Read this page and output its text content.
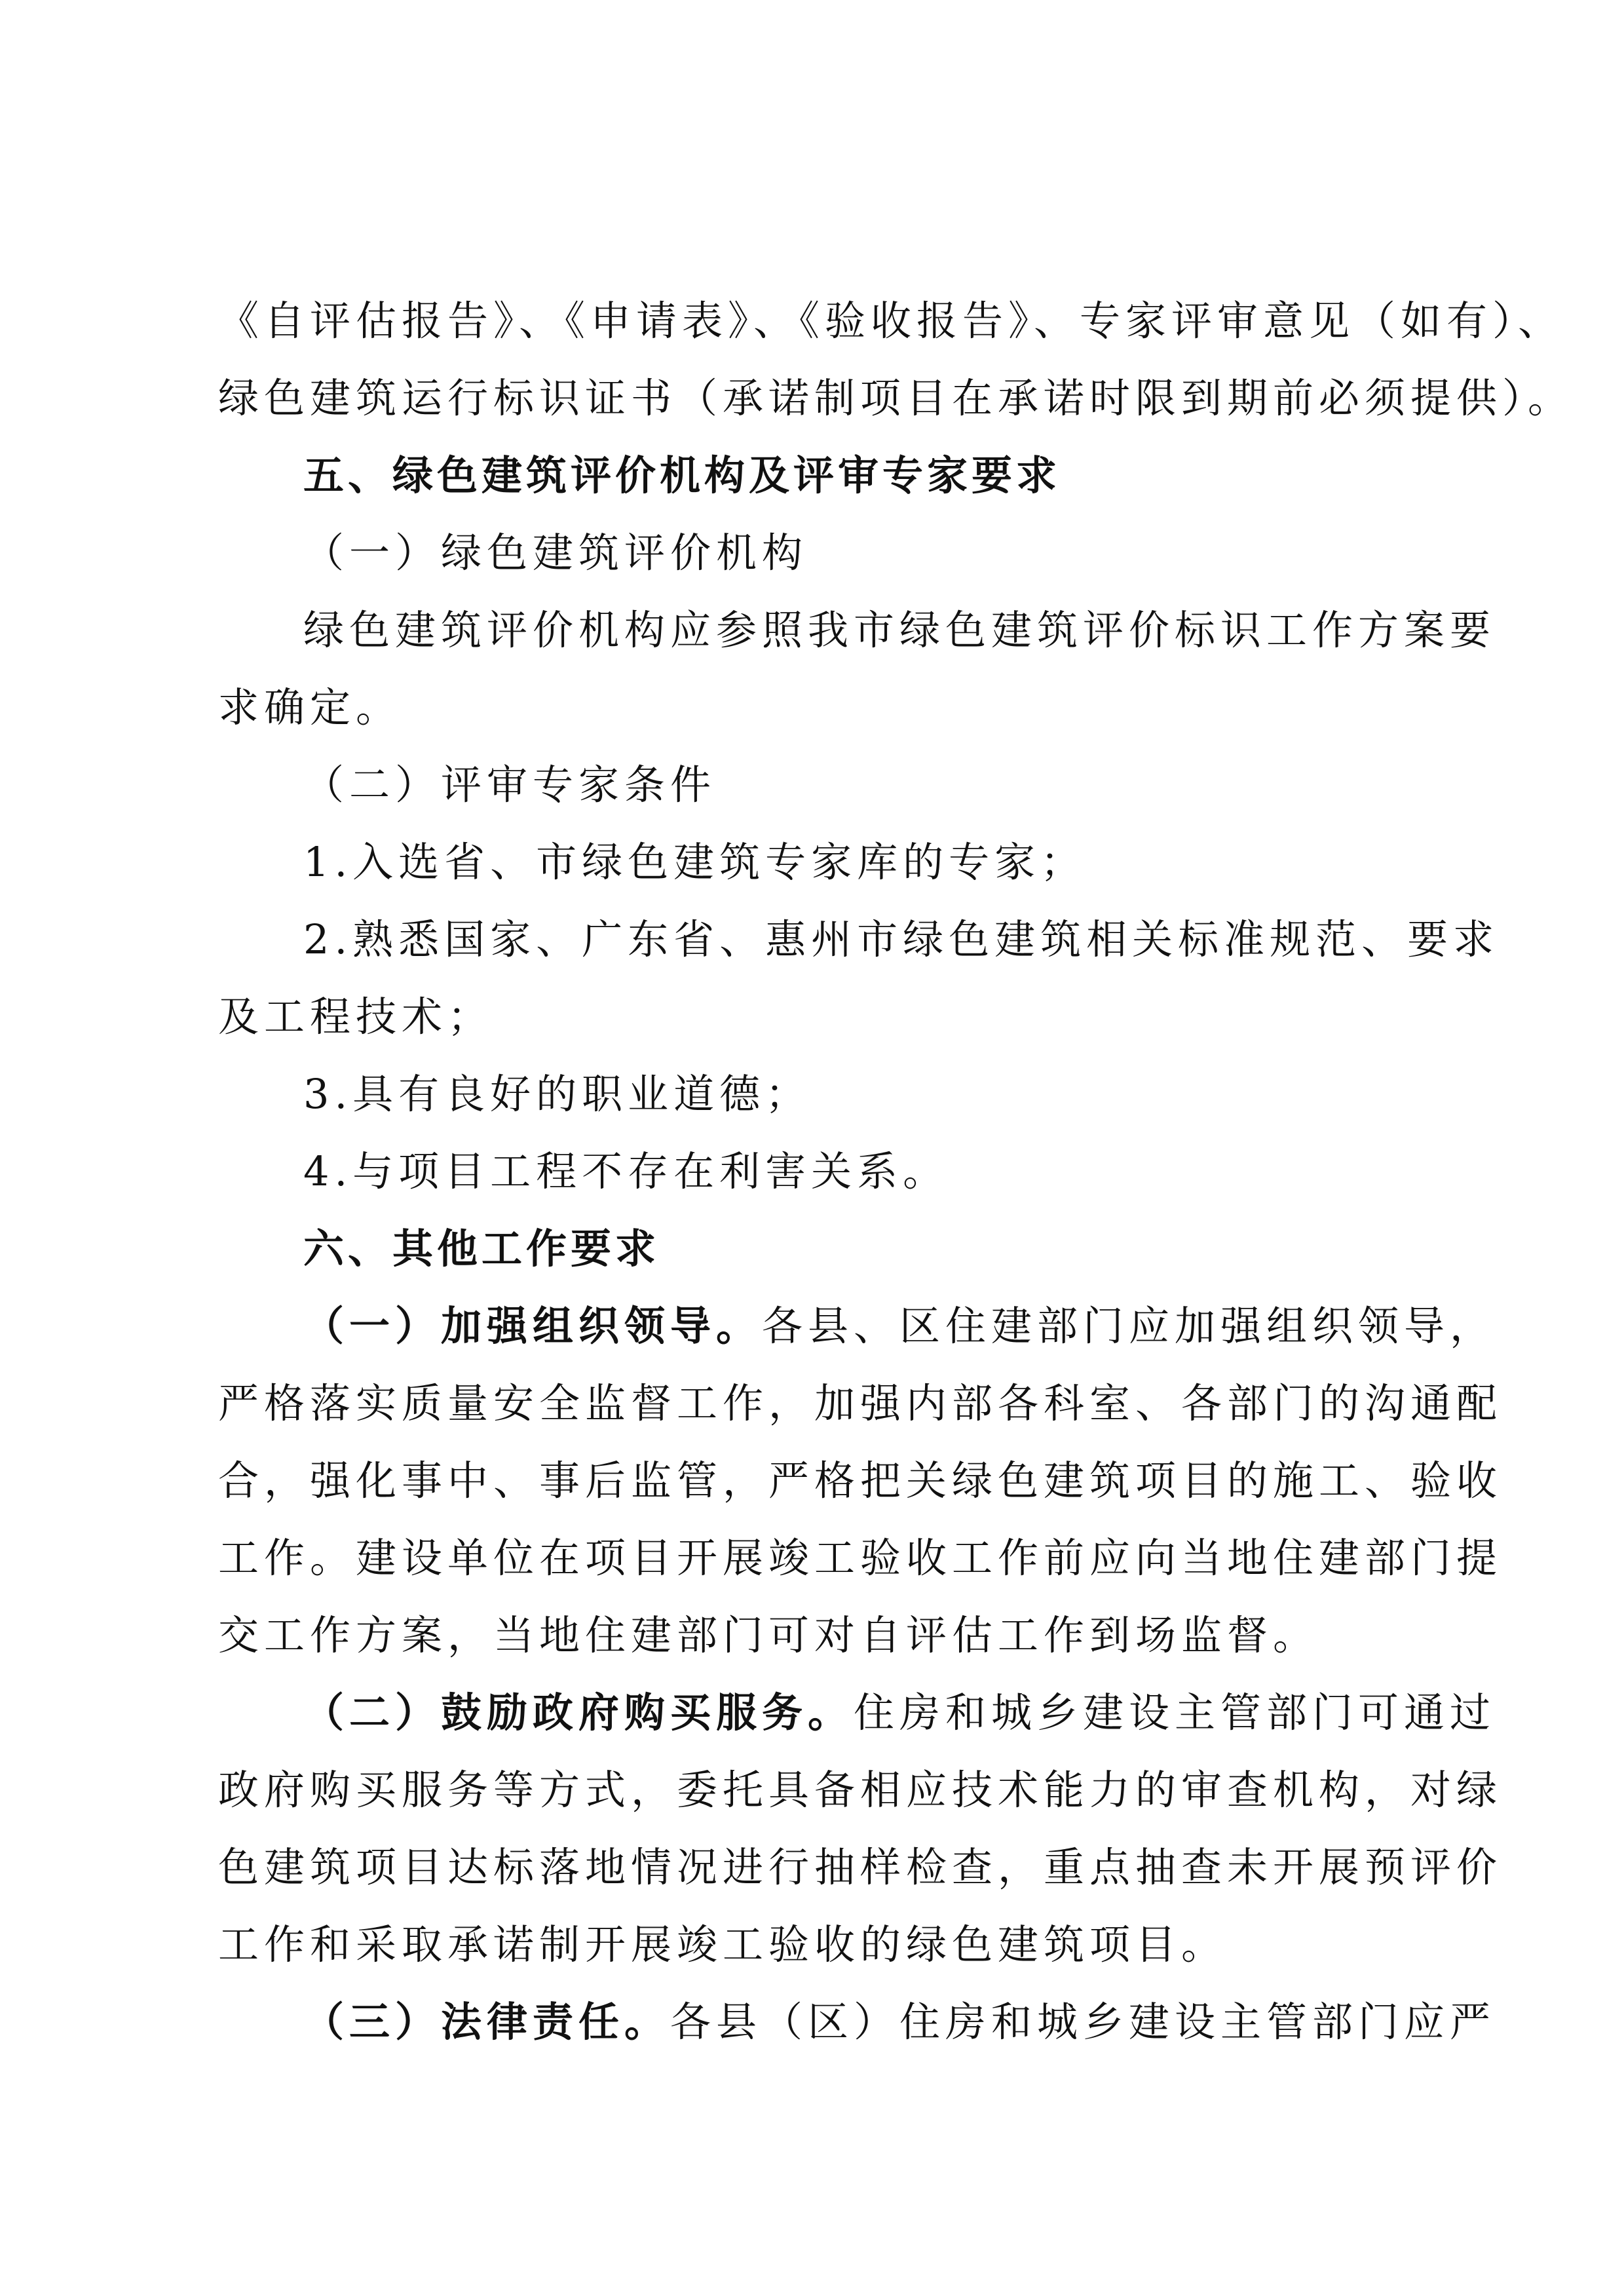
《自评估报告》、《申请表》、《验收报告》、专家评审意见（如有）、
绿色建筑运行标识证书（承诺制项目在承诺时限到期前必须提供）。
五、绿色建筑评价机构及评审专家要求
（一）绿色建筑评价机构
绿色建筑评价机构应参照我市绿色建筑评价标识工作方案要
求确定。
（二）评审专家条件
1.入选省、市绿色建筑专家库的专家；
2.熟悉国家、广东省、惠州市绿色建筑相关标准规范、要求
及工程技术；
3.具有良好的职业道德；
4.与项目工程不存在利害关系。
六、其他工作要求
（一）加强组织领导。各县、区住建部门应加强组织领导，
严格落实质量安全监督工作，加强内部各科室、各部门的沟通配
合，强化事中、事后监管，严格把关绿色建筑项目的施工、验收
工作。建设单位在项目开展竣工验收工作前应向当地住建部门提
交工作方案，当地住建部门可对自评估工作到场监督。
（二）鼓励政府购买服务。住房和城乡建设主管部门可通过
政府购买服务等方式，委托具备相应技术能力的审查机构，对绿
色建筑项目达标落地情况进行抽样检查，重点抽查未开展预评价
工作和采取承诺制开展竣工验收的绿色建筑项目。
（三）法律责任。各县（区）住房和城乡建设主管部门应严
